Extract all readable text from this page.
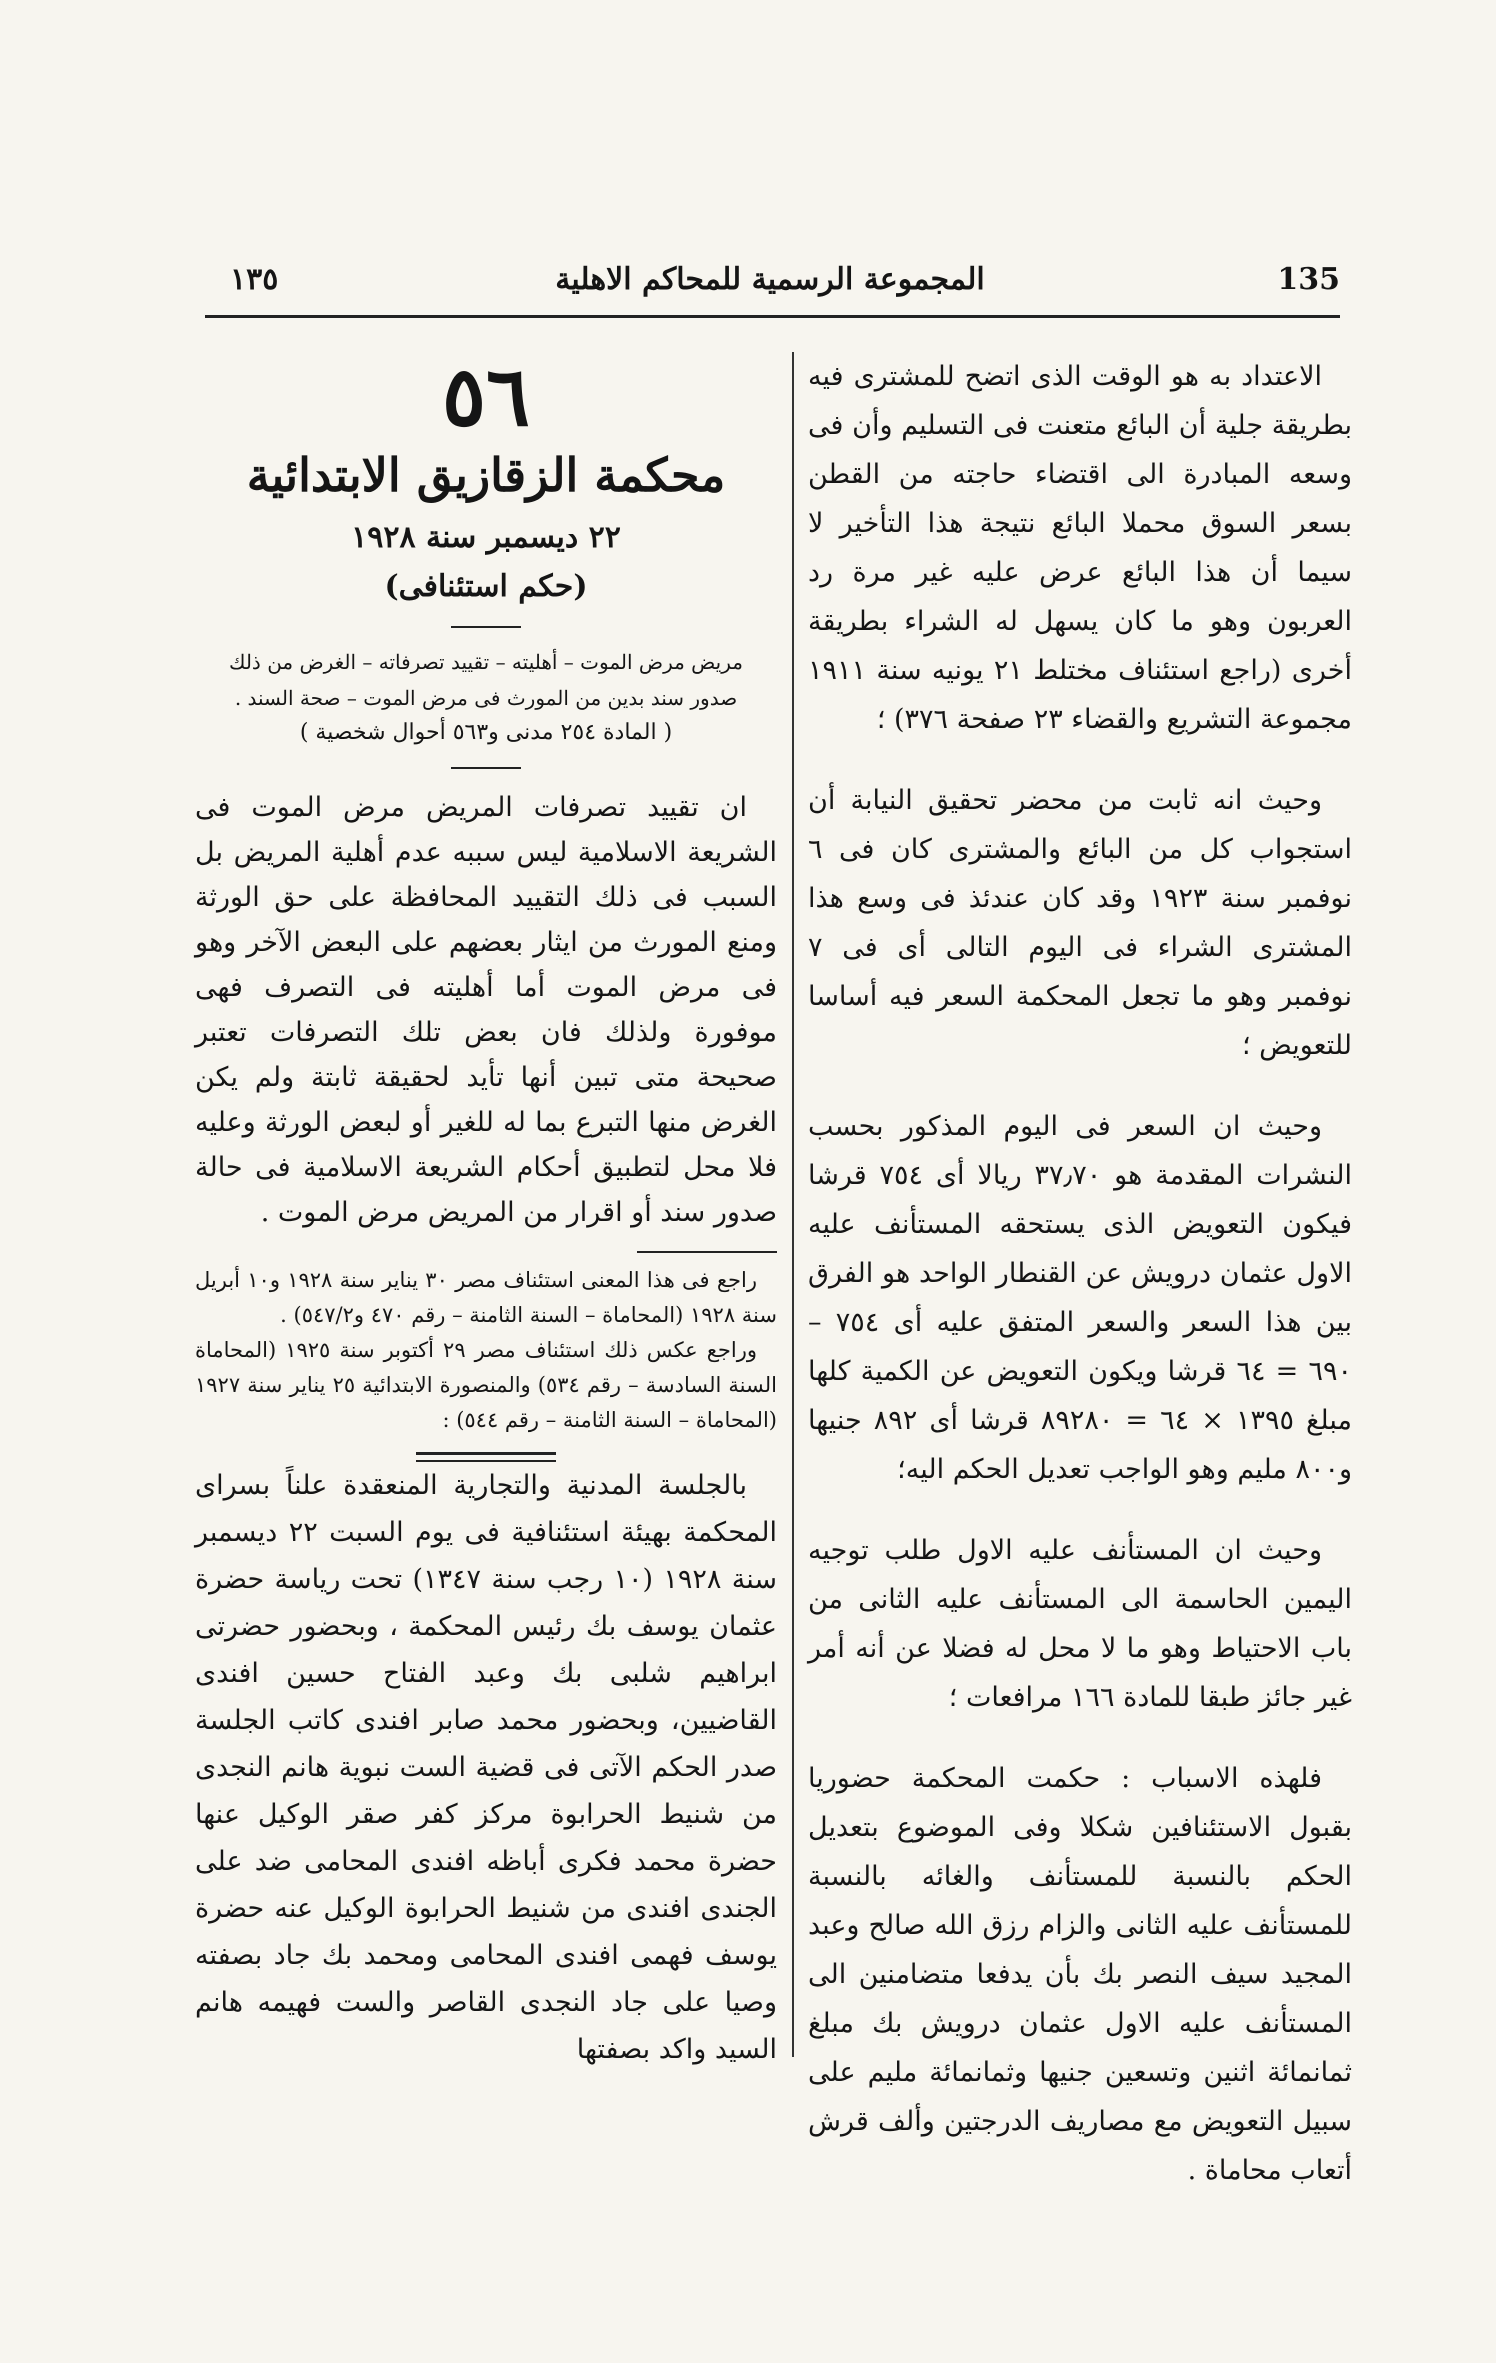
١٣٥	المجموعة الرسمية للمحاكم الاهلية	135

الاعتداد به هو الوقت الذى اتضح للمشترى فيه بطريقة جلية أن البائع متعنت فى التسليم وأن فى وسعه المبادرة الى اقتضاء حاجته من القطن بسعر السوق محملا البائع نتيجة هذا التأخير لا سيما أن هذا البائع عرض عليه غير مرة رد العربون وهو ما كان يسهل له الشراء بطريقة أخرى (راجع استئناف مختلط ٢١ يونيه سنة ١٩١١ مجموعة التشريع والقضاء ٢٣ صفحة ٣٧٦) ؛

وحيث انه ثابت من محضر تحقيق النيابة أن استجواب كل من البائع والمشترى كان فى ٦ نوفمبر سنة ١٩٢٣ وقد كان عندئذ فى وسع هذا المشترى الشراء فى اليوم التالى أى فى ٧ نوفمبر وهو ما تجعل المحكمة السعر فيه أساسا للتعويض ؛

وحيث ان السعر فى اليوم المذكور بحسب النشرات المقدمة هو ٣٧٫٧٠ ريالا أى ٧٥٤ قرشا فيكون التعويض الذى يستحقه المستأنف عليه الاول عثمان درويش عن القنطار الواحد هو الفرق بين هذا السعر والسعر المتفق عليه أى ٧٥٤ – ٦٩٠ = ٦٤ قرشا ويكون التعويض عن الكمية كلها مبلغ ١٣٩٥ × ٦٤ = ٨٩٢٨٠ قرشا أى ٨٩٢ جنيها و٨٠٠ مليم وهو الواجب تعديل الحكم اليه؛

وحيث ان المستأنف عليه الاول طلب توجيه اليمين الحاسمة الى المستأنف عليه الثانى من باب الاحتياط وهو ما لا محل له فضلا عن أنه أمر غير جائز طبقا للمادة ١٦٦ مرافعات ؛

فلهذه الاسباب : حكمت المحكمة حضوريا بقبول الاستئنافين شكلا وفى الموضوع بتعديل الحكم بالنسبة للمستأنف والغائه بالنسبة للمستأنف عليه الثانى والزام رزق الله صالح وعبد المجيد سيف النصر بك بأن يدفعا متضامنين الى المستأنف عليه الاول عثمان درويش بك مبلغ ثمانمائة اثنين وتسعين جنيها وثمانمائة مليم على سبيل التعويض مع مصاريف الدرجتين وألف قرش أتعاب محاماة .

٥٦
محكمة الزقازيق الابتدائية
٢٢ ديسمبر سنة ١٩٢٨
(حكم استئنافى)
مريض مرض الموت – أهليته – تقييد تصرفاته – الغرض من ذلك
صدور سند بدين من المورث فى مرض الموت – صحة السند .
( المادة ٢٥٤ مدنى و٥٦٣ أحوال شخصية )

ان تقييد تصرفات المريض مرض الموت فى الشريعة الاسلامية ليس سببه عدم أهلية المريض بل السبب فى ذلك التقييد المحافظة على حق الورثة ومنع المورث من ايثار بعضهم على البعض الآخر وهو فى مرض الموت أما أهليته فى التصرف فهى موفورة ولذلك فان بعض تلك التصرفات تعتبر صحيحة متى تبين أنها تأيد لحقيقة ثابتة ولم يكن الغرض منها التبرع بما له للغير أو لبعض الورثة وعليه فلا محل لتطبيق أحكام الشريعة الاسلامية فى حالة صدور سند أو اقرار من المريض مرض الموت .

راجع فى هذا المعنى استئناف مصر ٣٠ يناير سنة ١٩٢٨ و١٠ أبريل سنة ١٩٢٨ (المحاماة – السنة الثامنة – رقم ٤٧٠ و٥٤٧/٢) .

وراجع عكس ذلك استئناف مصر ٢٩ أكتوبر سنة ١٩٢٥ (المحاماة السنة السادسة – رقم ٥٣٤) والمنصورة الابتدائية ٢٥ يناير سنة ١٩٢٧ (المحاماة – السنة الثامنة – رقم ٥٤٤) :

بالجلسة المدنية والتجارية المنعقدة علناً بسراى المحكمة بهيئة استئنافية فى يوم السبت ٢٢ ديسمبر سنة ١٩٢٨ (١٠ رجب سنة ١٣٤٧) تحت رياسة حضرة عثمان يوسف بك رئيس المحكمة ، وبحضور حضرتى ابراهيم شلبى بك وعبد الفتاح حسين افندى القاضيين، وبحضور محمد صابر افندى كاتب الجلسة صدر الحكم الآتى فى قضية الست نبوية هانم النجدى من شنيط الحرابوة مركز كفر صقر الوكيل عنها حضرة محمد فكرى أباظه افندى المحامى ضد على الجندى افندى من شنيط الحرابوة الوكيل عنه حضرة يوسف فهمى افندى المحامى ومحمد بك جاد بصفته وصيا على جاد النجدى القاصر والست فهيمه هانم السيد واكد بصفتها
